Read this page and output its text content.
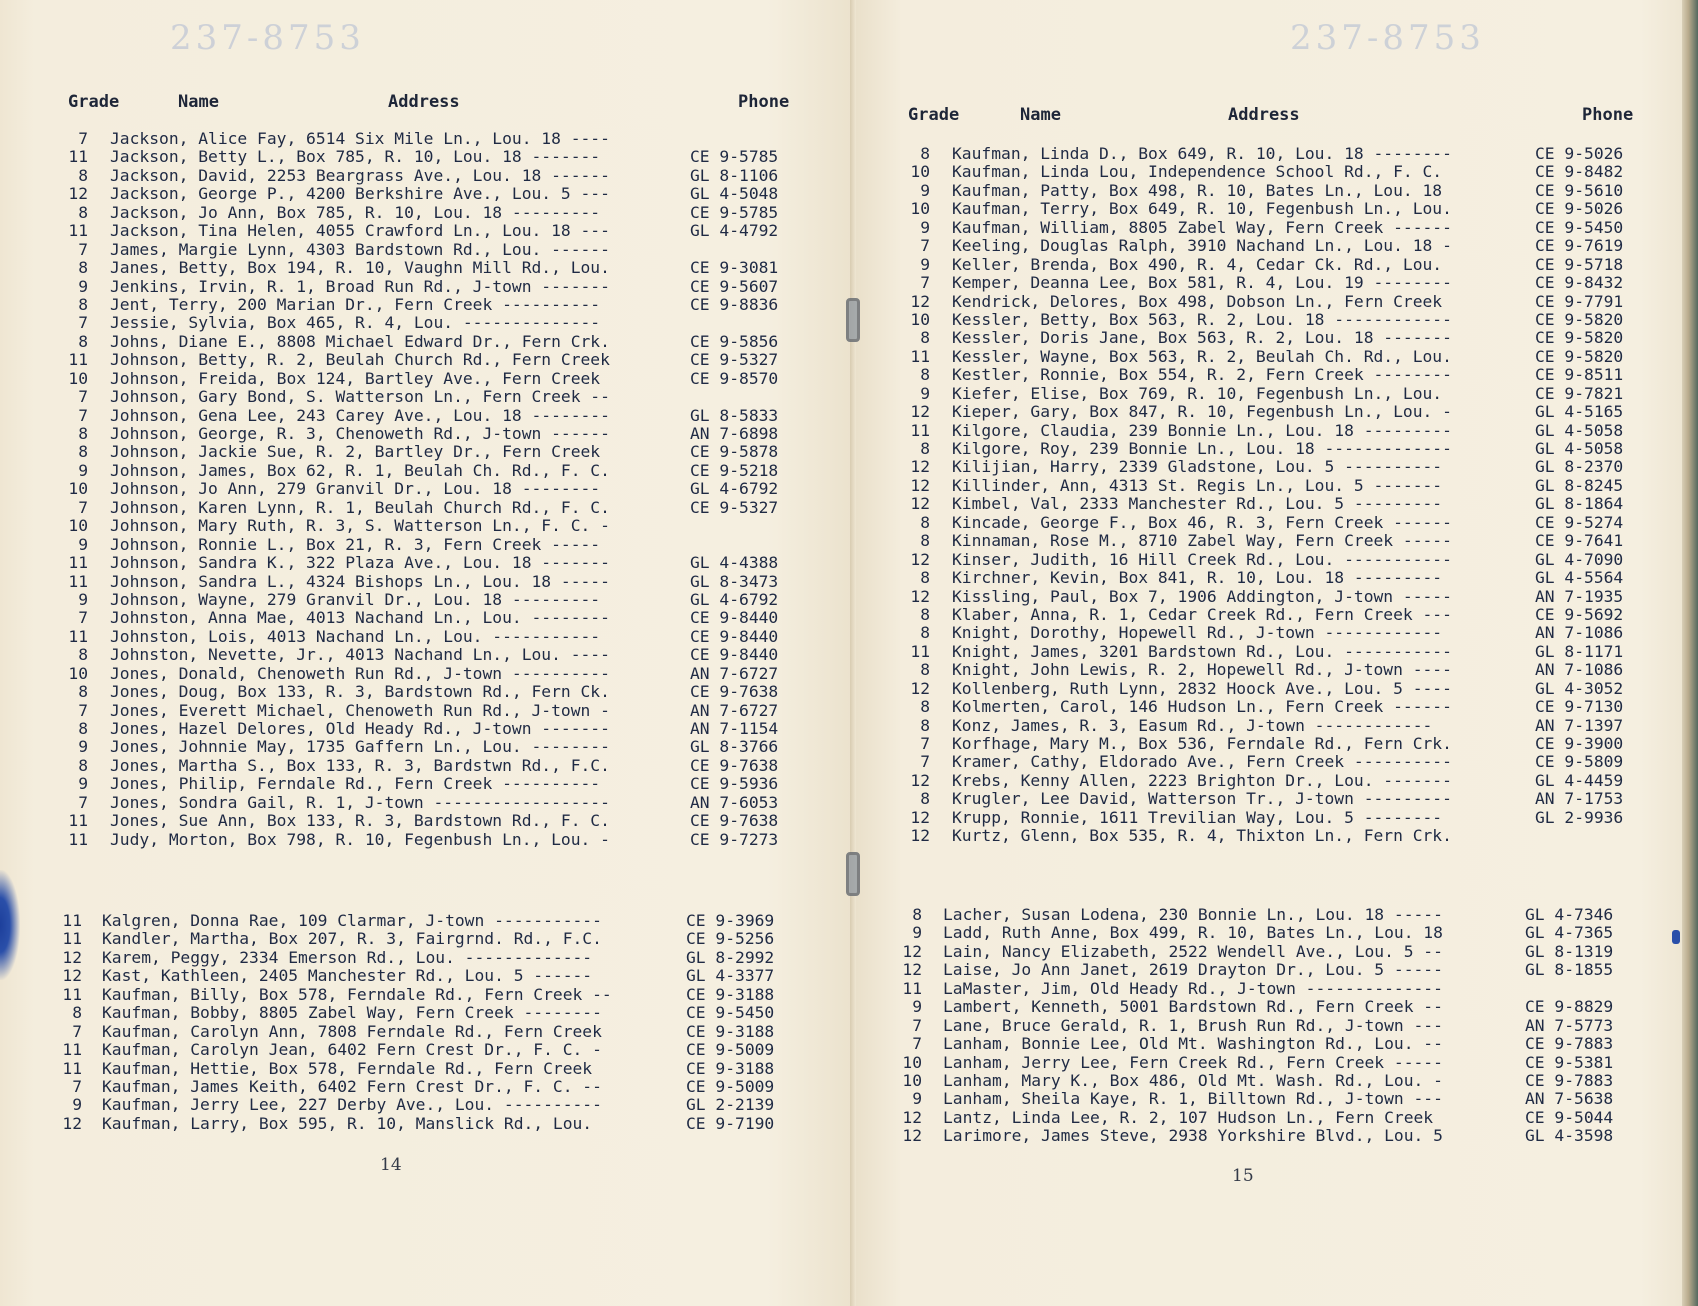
237-8753	237-8753
Grade	Name	Address	Phone
Grade	Name	Address	Phone
7 Jackson, Alice Fay, 6514 Six Mile Ln., Lou. 18 ----
11 Jackson, Betty L., Box 785, R. 10, Lou. 18 -------	CE 9-5785
8 Jackson, David, 2253 Beargrass Ave., Lou. 18 ------	GL 8-1106
12 Jackson, George P., 4200 Berkshire Ave., Lou. 5 ---	GL 4-5048
8 Jackson, Jo Ann, Box 785, R. 10, Lou. 18 ---------	CE 9-5785
11 Jackson, Tina Helen, 4055 Crawford Ln., Lou. 18 ---	GL 4-4792
7 James, Margie Lynn, 4303 Bardstown Rd., Lou. ------
8 Janes, Betty, Box 194, R. 10, Vaughn Mill Rd., Lou.	CE 9-3081
9 Jenkins, Irvin, R. 1, Broad Run Rd., J-town -------	CE 9-5607
8 Jent, Terry, 200 Marian Dr., Fern Creek ----------	CE 9-8836
7 Jessie, Sylvia, Box 465, R. 4, Lou. --------------
8 Johns, Diane E., 8808 Michael Edward Dr., Fern Crk.	CE 9-5856
11 Johnson, Betty, R. 2, Beulah Church Rd., Fern Creek	CE 9-5327
10 Johnson, Freida, Box 124, Bartley Ave., Fern Creek	CE 9-8570
7 Johnson, Gary Bond, S. Watterson Ln., Fern Creek --
7 Johnson, Gena Lee, 243 Carey Ave., Lou. 18 --------	GL 8-5833
8 Johnson, George, R. 3, Chenoweth Rd., J-town ------	AN 7-6898
8 Johnson, Jackie Sue, R. 2, Bartley Dr., Fern Creek	CE 9-5878
9 Johnson, James, Box 62, R. 1, Beulah Ch. Rd., F. C.	CE 9-5218
10 Johnson, Jo Ann, 279 Granvil Dr., Lou. 18 --------	GL 4-6792
7 Johnson, Karen Lynn, R. 1, Beulah Church Rd., F. C.	CE 9-5327
10 Johnson, Mary Ruth, R. 3, S. Watterson Ln., F. C. -
9 Johnson, Ronnie L., Box 21, R. 3, Fern Creek -----
11 Johnson, Sandra K., 322 Plaza Ave., Lou. 18 -------	GL 4-4388
11 Johnson, Sandra L., 4324 Bishops Ln., Lou. 18 -----	GL 8-3473
9 Johnson, Wayne, 279 Granvil Dr., Lou. 18 ---------	GL 4-6792
7 Johnston, Anna Mae, 4013 Nachand Ln., Lou. --------	CE 9-8440
11 Johnston, Lois, 4013 Nachand Ln., Lou. -----------	CE 9-8440
8 Johnston, Nevette, Jr., 4013 Nachand Ln., Lou. ----	CE 9-8440
10 Jones, Donald, Chenoweth Run Rd., J-town ----------	AN 7-6727
8 Jones, Doug, Box 133, R. 3, Bardstown Rd., Fern Ck.	CE 9-7638
7 Jones, Everett Michael, Chenoweth Run Rd., J-town -	AN 7-6727
8 Jones, Hazel Delores, Old Heady Rd., J-town -------	AN 7-1154
9 Jones, Johnnie May, 1735 Gaffern Ln., Lou. --------	GL 8-3766
8 Jones, Martha S., Box 133, R. 3, Bardstwn Rd., F.C.	CE 9-7638
9 Jones, Philip, Ferndale Rd., Fern Creek ----------	CE 9-5936
7 Jones, Sondra Gail, R. 1, J-town ------------------	AN 7-6053
11 Jones, Sue Ann, Box 133, R. 3, Bardstown Rd., F. C.	CE 9-7638
11 Judy, Morton, Box 798, R. 10, Fegenbush Ln., Lou. -	CE 9-7273
11 Kalgren, Donna Rae, 109 Clarmar, J-town -----------	CE 9-3969
11 Kandler, Martha, Box 207, R. 3, Fairgrnd. Rd., F.C.	CE 9-5256
12 Karem, Peggy, 2334 Emerson Rd., Lou. -------------	GL 8-2992
12 Kast, Kathleen, 2405 Manchester Rd., Lou. 5 ------	GL 4-3377
11 Kaufman, Billy, Box 578, Ferndale Rd., Fern Creek --	CE 9-3188
8 Kaufman, Bobby, 8805 Zabel Way, Fern Creek --------	CE 9-5450
7 Kaufman, Carolyn Ann, 7808 Ferndale Rd., Fern Creek	CE 9-3188
11 Kaufman, Carolyn Jean, 6402 Fern Crest Dr., F. C. -	CE 9-5009
11 Kaufman, Hettie, Box 578, Ferndale Rd., Fern Creek	CE 9-3188
7 Kaufman, James Keith, 6402 Fern Crest Dr., F. C. --	CE 9-5009
9 Kaufman, Jerry Lee, 227 Derby Ave., Lou. ----------	GL 2-2139
12 Kaufman, Larry, Box 595, R. 10, Manslick Rd., Lou.	CE 9-7190
8 Kaufman, Linda D., Box 649, R. 10, Lou. 18 --------	CE 9-5026
10 Kaufman, Linda Lou, Independence School Rd., F. C.	CE 9-8482
9 Kaufman, Patty, Box 498, R. 10, Bates Ln., Lou. 18	CE 9-5610
10 Kaufman, Terry, Box 649, R. 10, Fegenbush Ln., Lou.	CE 9-5026
9 Kaufman, William, 8805 Zabel Way, Fern Creek ------	CE 9-5450
7 Keeling, Douglas Ralph, 3910 Nachand Ln., Lou. 18 -	CE 9-7619
9 Keller, Brenda, Box 490, R. 4, Cedar Ck. Rd., Lou.	CE 9-5718
7 Kemper, Deanna Lee, Box 581, R. 4, Lou. 19 --------	CE 9-8432
12 Kendrick, Delores, Box 498, Dobson Ln., Fern Creek	CE 9-7791
10 Kessler, Betty, Box 563, R. 2, Lou. 18 ------------	CE 9-5820
8 Kessler, Doris Jane, Box 563, R. 2, Lou. 18 -------	CE 9-5820
11 Kessler, Wayne, Box 563, R. 2, Beulah Ch. Rd., Lou.	CE 9-5820
8 Kestler, Ronnie, Box 554, R. 2, Fern Creek --------	CE 9-8511
9 Kiefer, Elise, Box 769, R. 10, Fegenbush Ln., Lou.	CE 9-7821
12 Kieper, Gary, Box 847, R. 10, Fegenbush Ln., Lou. -	GL 4-5165
11 Kilgore, Claudia, 239 Bonnie Ln., Lou. 18 ---------	GL 4-5058
8 Kilgore, Roy, 239 Bonnie Ln., Lou. 18 -------------	GL 4-5058
12 Kilijian, Harry, 2339 Gladstone, Lou. 5 ----------	GL 8-2370
12 Killinder, Ann, 4313 St. Regis Ln., Lou. 5 -------	GL 8-8245
12 Kimbel, Val, 2333 Manchester Rd., Lou. 5 ---------	GL 8-1864
8 Kincade, George F., Box 46, R. 3, Fern Creek ------	CE 9-5274
8 Kinnaman, Rose M., 8710 Zabel Way, Fern Creek -----	CE 9-7641
12 Kinser, Judith, 16 Hill Creek Rd., Lou. -----------	GL 4-7090
8 Kirchner, Kevin, Box 841, R. 10, Lou. 18 ---------	GL 4-5564
12 Kissling, Paul, Box 7, 1906 Addington, J-town -----	AN 7-1935
8 Klaber, Anna, R. 1, Cedar Creek Rd., Fern Creek ---	CE 9-5692
8 Knight, Dorothy, Hopewell Rd., J-town ------------	AN 7-1086
11 Knight, James, 3201 Bardstown Rd., Lou. -----------	GL 8-1171
8 Knight, John Lewis, R. 2, Hopewell Rd., J-town ----	AN 7-1086
12 Kollenberg, Ruth Lynn, 2832 Hoock Ave., Lou. 5 ----	GL 4-3052
8 Kolmerten, Carol, 146 Hudson Ln., Fern Creek ------	CE 9-7130
8 Konz, James, R. 3, Easum Rd., J-town ------------	AN 7-1397
7 Korfhage, Mary M., Box 536, Ferndale Rd., Fern Crk.	CE 9-3900
7 Kramer, Cathy, Eldorado Ave., Fern Creek ----------	CE 9-5809
12 Krebs, Kenny Allen, 2223 Brighton Dr., Lou. -------	GL 4-4459
8 Krugler, Lee David, Watterson Tr., J-town ---------	AN 7-1753
12 Krupp, Ronnie, 1611 Trevilian Way, Lou. 5 --------	GL 2-9936
12 Kurtz, Glenn, Box 535, R. 4, Thixton Ln., Fern Crk.
8 Lacher, Susan Lodena, 230 Bonnie Ln., Lou. 18 -----	GL 4-7346
9 Ladd, Ruth Anne, Box 499, R. 10, Bates Ln., Lou. 18	GL 4-7365
12 Lain, Nancy Elizabeth, 2522 Wendell Ave., Lou. 5 --	GL 8-1319
12 Laise, Jo Ann Janet, 2619 Drayton Dr., Lou. 5 -----	GL 8-1855
11 LaMaster, Jim, Old Heady Rd., J-town --------------
9 Lambert, Kenneth, 5001 Bardstown Rd., Fern Creek --	CE 9-8829
7 Lane, Bruce Gerald, R. 1, Brush Run Rd., J-town ---	AN 7-5773
7 Lanham, Bonnie Lee, Old Mt. Washington Rd., Lou. --	CE 9-7883
10 Lanham, Jerry Lee, Fern Creek Rd., Fern Creek -----	CE 9-5381
10 Lanham, Mary K., Box 486, Old Mt. Wash. Rd., Lou. -	CE 9-7883
9 Lanham, Sheila Kaye, R. 1, Billtown Rd., J-town ---	AN 7-5638
12 Lantz, Linda Lee, R. 2, 107 Hudson Ln., Fern Creek	CE 9-5044
12 Larimore, James Steve, 2938 Yorkshire Blvd., Lou. 5	GL 4-3598
14
15
